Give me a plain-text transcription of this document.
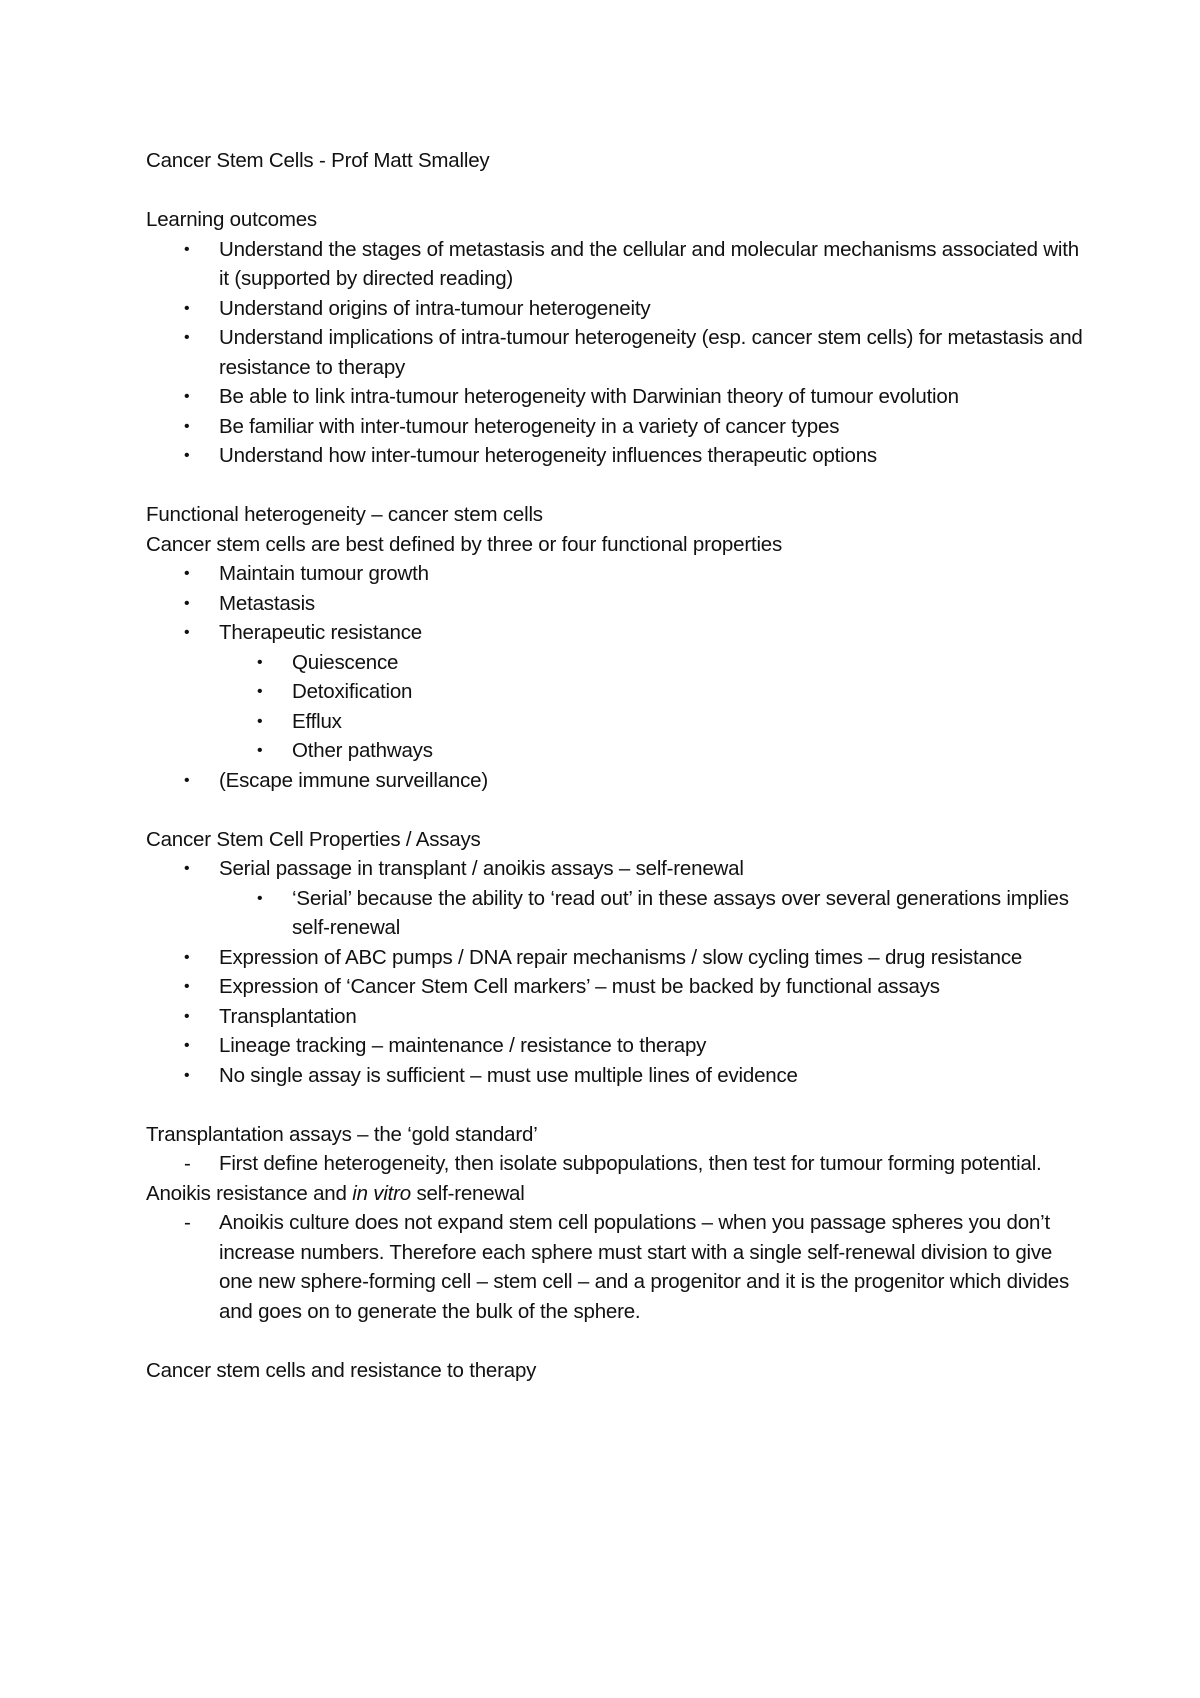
Cancer Stem Cells - Prof Matt Smalley

Learning outcomes

• Understand the stages of metastasis and the cellular and molecular mechanisms associated with it (supported by directed reading)
• Understand origins of intra-tumour heterogeneity
• Understand implications of intra-tumour heterogeneity (esp. cancer stem cells) for metastasis and resistance to therapy
• Be able to link intra-tumour heterogeneity with Darwinian theory of tumour evolution
• Be familiar with inter-tumour heterogeneity in a variety of cancer types
• Understand how inter-tumour heterogeneity influences therapeutic options

Functional heterogeneity – cancer stem cells

Cancer stem cells are best defined by three or four functional properties

• Maintain tumour growth
• Metastasis
• Therapeutic resistance
• Quiescence
• Detoxification
• Efflux
• Other pathways
• (Escape immune surveillance)

Cancer Stem Cell Properties / Assays

• Serial passage in transplant / anoikis assays – self-renewal
• ‘Serial’ because the ability to ‘read out’ in these assays over several generations implies self-renewal
• Expression of ABC pumps / DNA repair mechanisms / slow cycling times – drug resistance
• Expression of ‘Cancer Stem Cell markers’ – must be backed by functional assays
• Transplantation
• Lineage tracking – maintenance / resistance to therapy
• No single assay is sufficient – must use multiple lines of evidence

Transplantation assays – the ‘gold standard’

- First define heterogeneity, then isolate subpopulations, then test for tumour forming potential.

Anoikis resistance and in vitro self-renewal

- Anoikis culture does not expand stem cell populations – when you passage spheres you don’t increase numbers. Therefore each sphere must start with a single self-renewal division to give one new sphere-forming cell – stem cell – and a progenitor and it is the progenitor which divides and goes on to generate the bulk of the sphere.

Cancer stem cells and resistance to therapy
